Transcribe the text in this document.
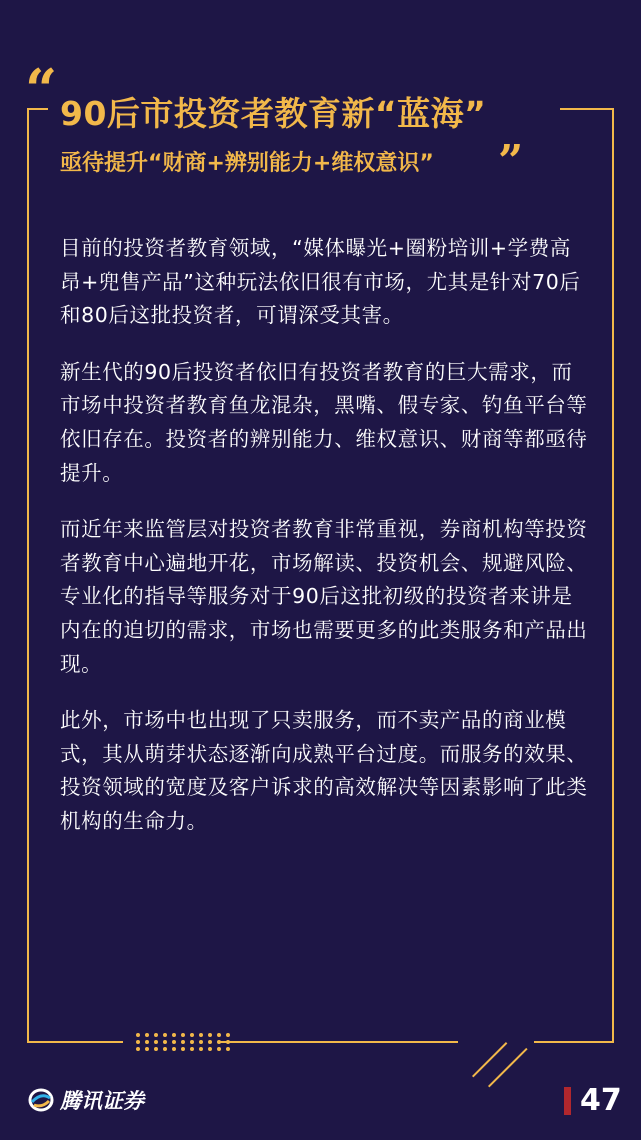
“
”
90后市投资者教育新“蓝海”
亟待提升“财商+辨别能力+维权意识”

目前的投资者教育领域，“媒体曝光+圈粉培训+学费高昂+兜售产品”这种玩法依旧很有市场，尤其是针对70后和80后这批投资者，可谓深受其害。

新生代的90后投资者依旧有投资者教育的巨大需求，而市场中投资者教育鱼龙混杂，黑嘴、假专家、钓鱼平台等依旧存在。投资者的辨别能力、维权意识、财商等都亟待提升。

而近年来监管层对投资者教育非常重视，券商机构等投资者教育中心遍地开花，市场解读、投资机会、规避风险、专业化的指导等服务对于90后这批初级的投资者来讲是内在的迫切的需求，市场也需要更多的此类服务和产品出现。

此外，市场中也出现了只卖服务，而不卖产品的商业模式，其从萌芽状态逐渐向成熟平台过度。而服务的效果、投资领域的宽度及客户诉求的高效解决等因素影响了此类机构的生命力。

腾讯证券	47
